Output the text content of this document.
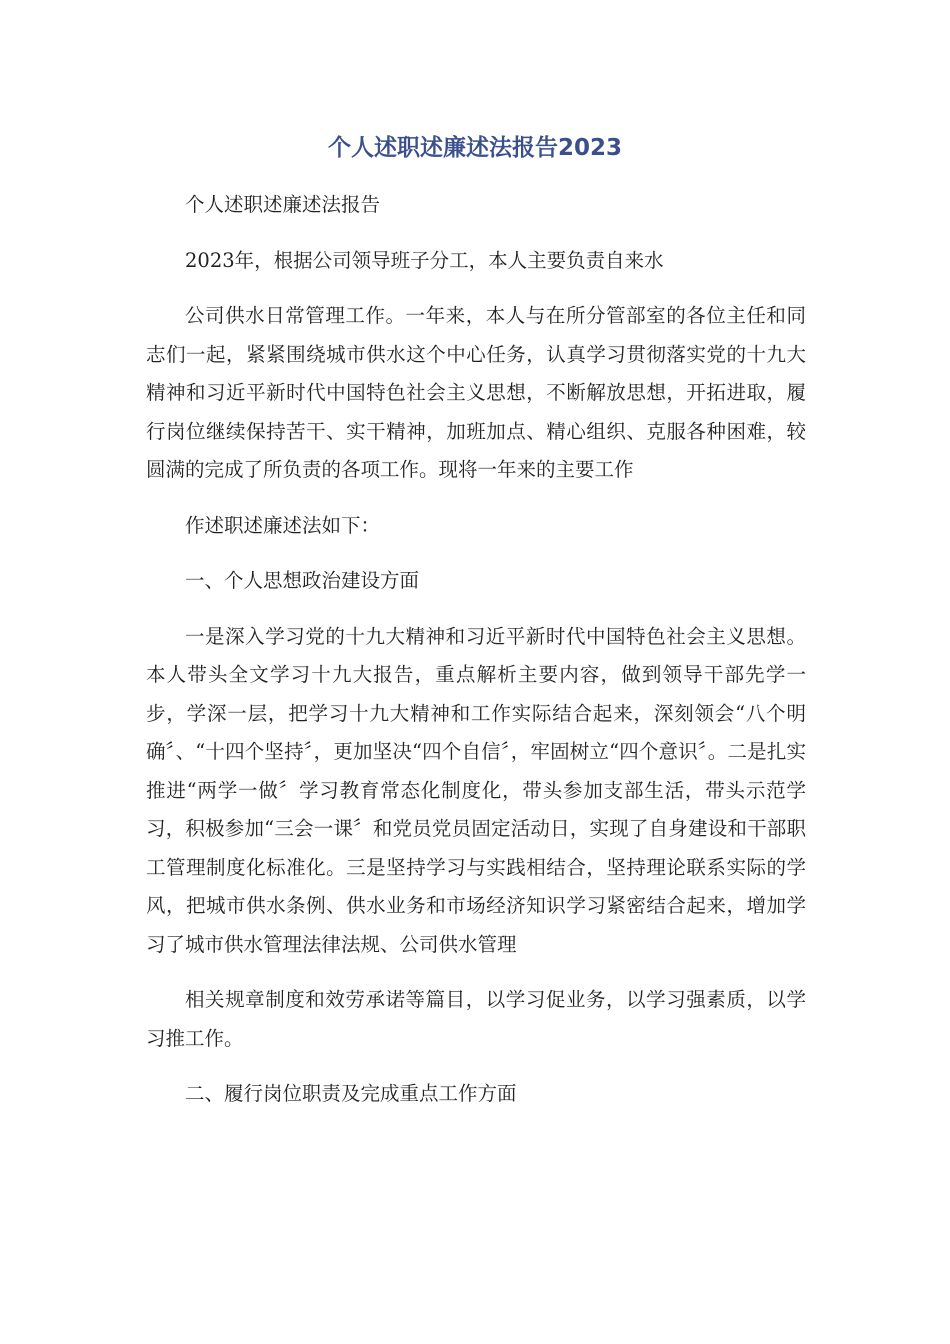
个人述职述廉述法报告2023

个人述职述廉述法报告

2023年，根据公司领导班子分工，本人主要负责自来水

公司供水日常管理工作。一年来，本人与在所分管部室的各位主任和同志们一起，紧紧围绕城市供水这个中心任务，认真学习贯彻落实党的十九大精神和习近平新时代中国特色社会主义思想，不断解放思想，开拓进取，履行岗位继续保持苦干、实干精神，加班加点、精心组织、克服各种困难，较圆满的完成了所负责的各项工作。现将一年来的主要工作

作述职述廉述法如下：

一、个人思想政治建设方面

一是深入学习党的十九大精神和习近平新时代中国特色社会主义思想。本人带头全文学习十九大报告，重点解析主要内容，做到领导干部先学一步，学深一层，把学习十九大精神和工作实际结合起来，深刻领会“八个明确〞、“十四个坚持〞，更加坚决“四个自信〞，牢固树立“四个意识〞。二是扎实推进“两学一做〞学习教育常态化制度化，带头参加支部生活，带头示范学习，积极参加“三会一课〞和党员党员固定活动日，实现了自身建设和干部职工管理制度化标准化。三是坚持学习与实践相结合，坚持理论联系实际的学风，把城市供水条例、供水业务和市场经济知识学习紧密结合起来，增加学习了城市供水管理法律法规、公司供水管理

相关规章制度和效劳承诺等篇目，以学习促业务，以学习强素质，以学习推工作。

二、履行岗位职责及完成重点工作方面
